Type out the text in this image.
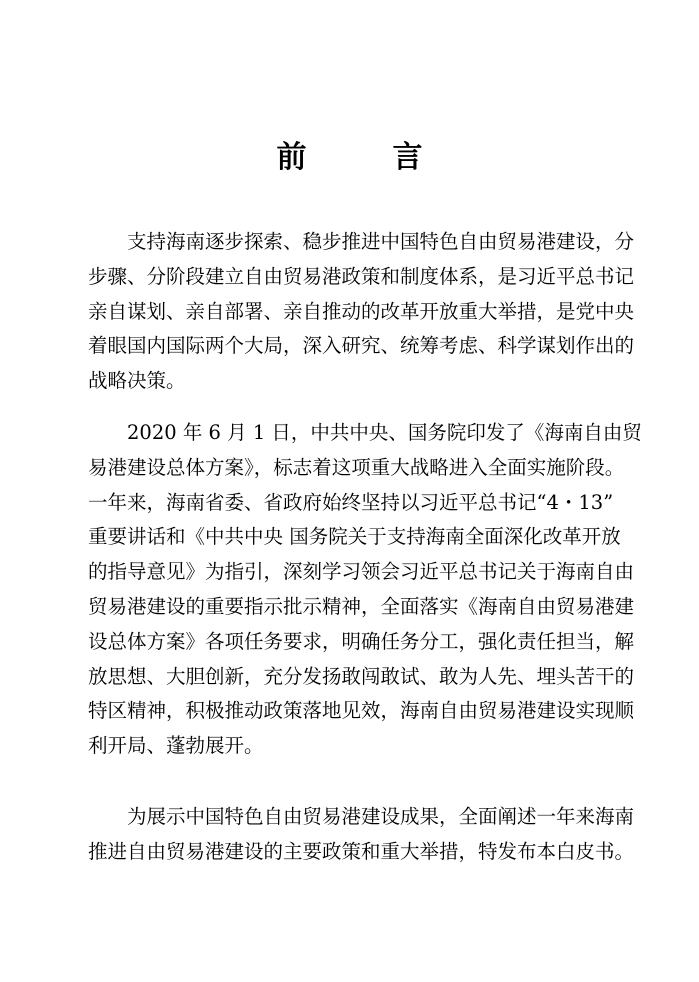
前　言
支持海南逐步探索、稳步推进中国特色自由贸易港建设，分
步骤、分阶段建立自由贸易港政策和制度体系，是习近平总书记
亲自谋划、亲自部署、亲自推动的改革开放重大举措，是党中央
着眼国内国际两个大局，深入研究、统筹考虑、科学谋划作出的
战略决策。
2020 年 6 月 1 日，中共中央、国务院印发了《海南自由贸
易港建设总体方案》，标志着这项重大战略进入全面实施阶段。
一年来，海南省委、省政府始终坚持以习近平总书记“4・13”
重要讲话和《中共中央 国务院关于支持海南全面深化改革开放
的指导意见》为指引，深刻学习领会习近平总书记关于海南自由
贸易港建设的重要指示批示精神，全面落实《海南自由贸易港建
设总体方案》各项任务要求，明确任务分工，强化责任担当，解
放思想、大胆创新，充分发扬敢闯敢试、敢为人先、埋头苦干的
特区精神，积极推动政策落地见效，海南自由贸易港建设实现顺
利开局、蓬勃展开。
为展示中国特色自由贸易港建设成果，全面阐述一年来海南
推进自由贸易港建设的主要政策和重大举措，特发布本白皮书。
